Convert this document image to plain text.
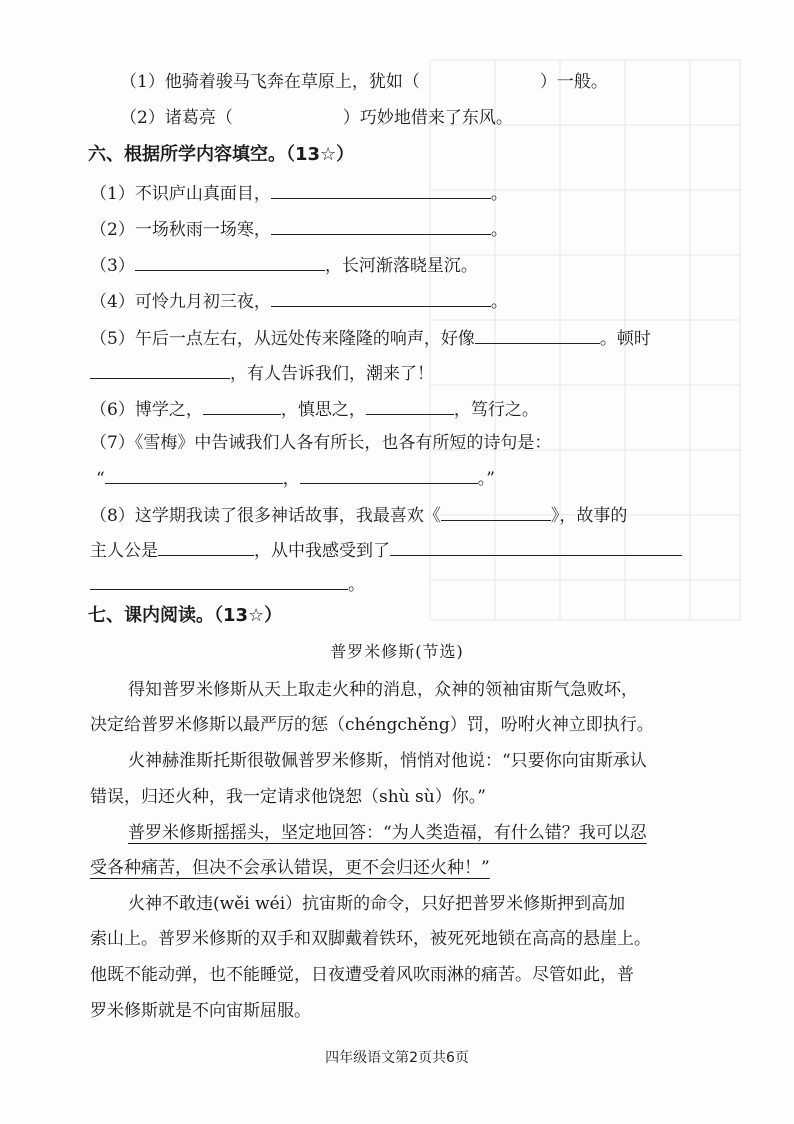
（1）他骑着骏马飞奔在草原上，犹如（	）一般。
（2）诸葛亮（	）巧妙地借来了东风。
六、根据所学内容填空。（13☆）
（1）不识庐山真面目，	。
（2）一场秋雨一场寒，	。
（3）	，长河渐落晓星沉。
（4）可怜九月初三夜，	。
（5）午后一点左右，从远处传来隆隆的响声，好像	。顿时
，有人告诉我们，潮来了！
（6）博学之，	，慎思之，	，笃行之。
（7）《雪梅》中告诫我们人各有所长，也各有所短的诗句是：
“	，	。”
（8）这学期我读了很多神话故事，我最喜欢《	》，故事的
主人公是	，从中我感受到了
。
七、课内阅读。（13☆）
普罗米修斯(节选)
得知普罗米修斯从天上取走火种的消息，众神的领袖宙斯气急败坏，
决定给普罗米修斯以最严厉的惩（chéngchěng）罚，吩咐火神立即执行。
火神赫淮斯托斯很敬佩普罗米修斯，悄悄对他说：“只要你向宙斯承认
错误，归还火种，我一定请求他饶恕（shù sù）你。”
普罗米修斯摇摇头，坚定地回答：“为人类造福，有什么错？我可以忍
受各种痛苦，但决不会承认错误，更不会归还火种！”
火神不敢违(wěi wéi）抗宙斯的命令，只好把普罗米修斯押到高加
索山上。普罗米修斯的双手和双脚戴着铁环，被死死地锁在高高的悬崖上。
他既不能动弹，也不能睡觉，日夜遭受着风吹雨淋的痛苦。尽管如此，普
罗米修斯就是不向宙斯屈服。
四年级语文第2页共6页
